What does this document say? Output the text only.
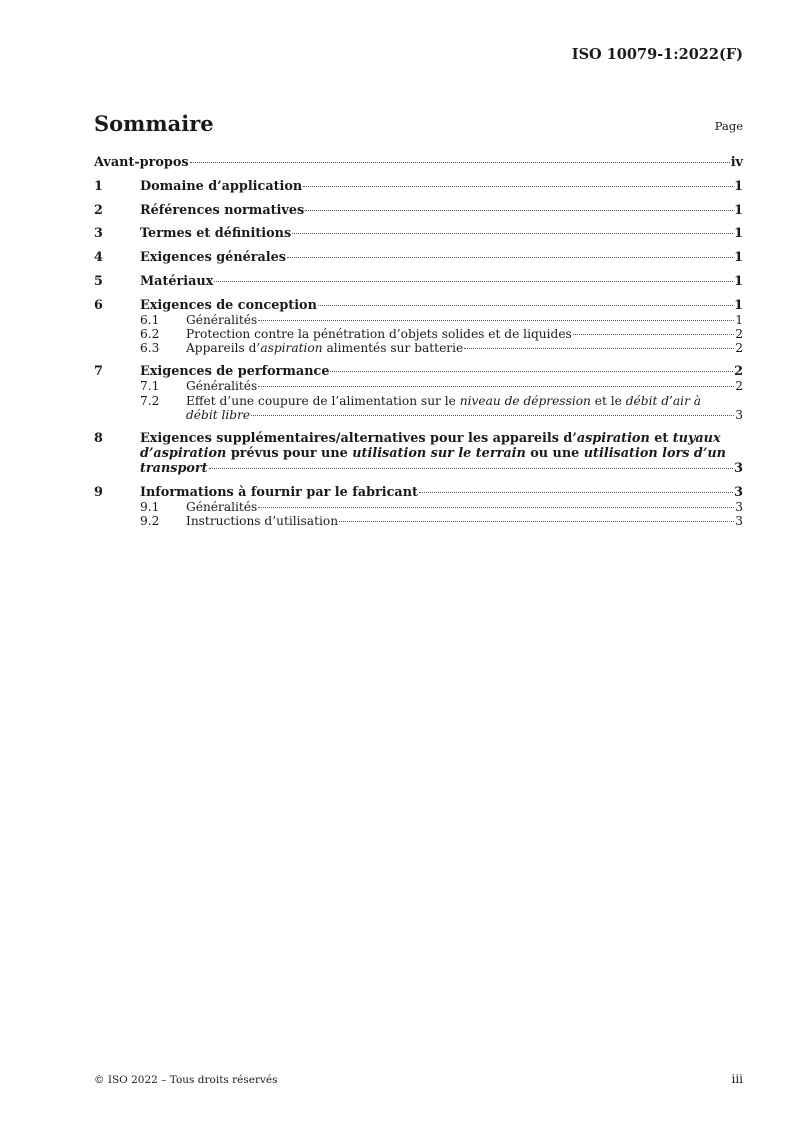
ISO 10079-1:2022(F)
Sommaire	Page
Avant-propos	iv
1	Domaine d’application	1
2	Références normatives	1
3	Termes et définitions	1
4	Exigences générales	1
5	Matériaux	1
6	Exigences de conception	1
6.1	Généralités	1
6.2	Protection contre la pénétration d’objets solides et de liquides	2
6.3	Appareils d’aspiration alimentés sur batterie	2
7	Exigences de performance	2
7.1	Généralités	2
7.2	Effet d’une coupure de l’alimentation sur le niveau de dépression et le débit d’air à
débit libre	3
8	Exigences supplémentaires/alternatives pour les appareils d’aspiration et tuyaux
d’aspiration prévus pour une utilisation sur le terrain ou une utilisation lors d’un
transport	3
9	Informations à fournir par le fabricant	3
9.1	Généralités	3
9.2	Instructions d’utilisation	3
© ISO 2022 – Tous droits réservés	iii
